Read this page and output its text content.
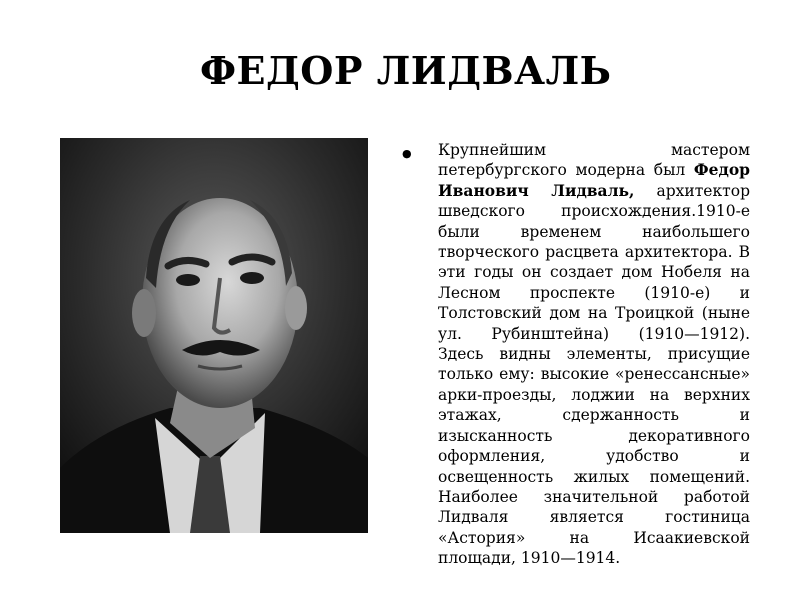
ФЕДОР ЛИДВАЛЬ
● Крупнейшим мастером петербургского модерна был Федор Иванович Лидваль, архитектор шведского происхождения.1910-е были временем наибольшего творческого расцвета архитектора. В эти годы он создает дом Нобеля на Лесном проспекте (1910-е) и Толстовский дом на Троицкой (ныне ул. Рубинштейна) (1910—1912). Здесь видны элементы, присущие только ему: высокие «ренессансные» арки-проезды, лоджии на верхних этажах, сдержанность и изысканность декоративного оформления, удобство и освещенность жилых помещений. Наиболее значительной работой Лидваля является гостиница «Астория» на Исаакиевской площади, 1910—1914.
